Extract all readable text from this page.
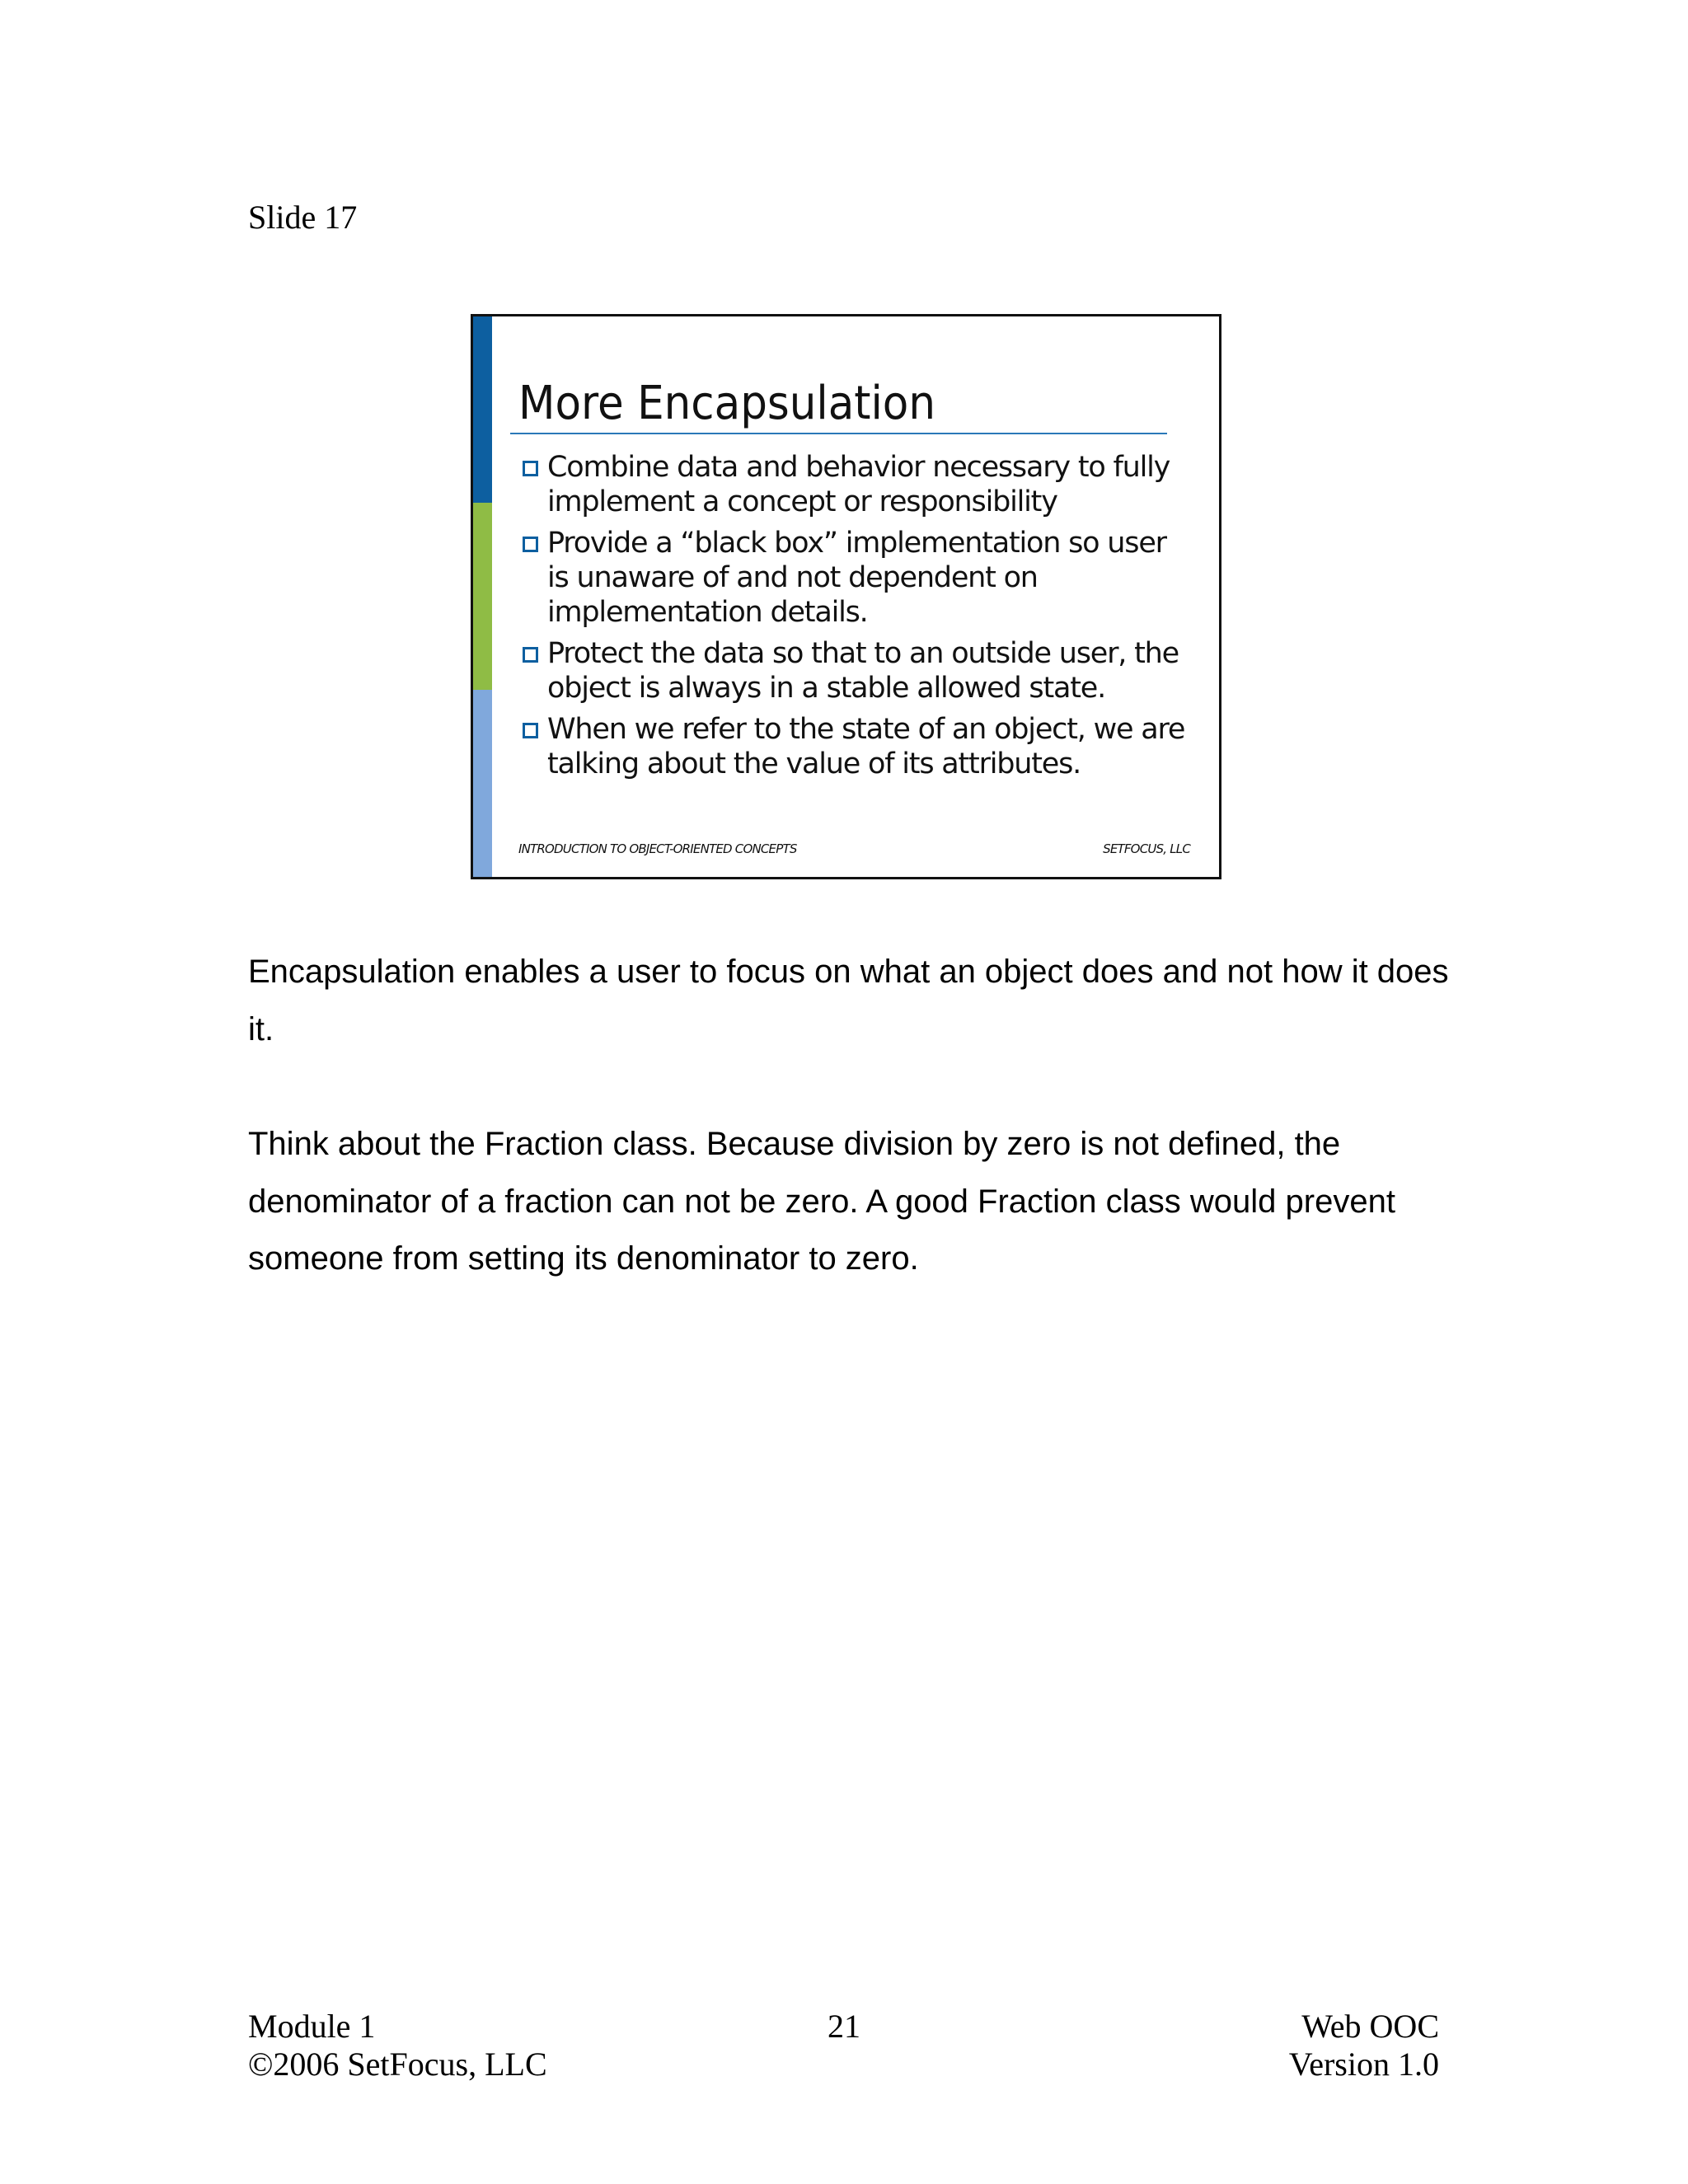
Slide 17
More Encapsulation
Combine data and behavior necessary to fully implement a concept or responsibility
Provide a “black box” implementation so user is unaware of and not dependent on implementation details.
Protect the data so that to an outside user, the object is always in a stable allowed state.
When we refer to the state of an object, we are talking about the value of its attributes.
INTRODUCTION TO OBJECT-ORIENTED CONCEPTS	SETFOCUS, LLC

Encapsulation enables a user to focus on what an object does and not how it does it.

Think about the Fraction class. Because division by zero is not defined, the denominator of a fraction can not be zero. A good Fraction class would prevent someone from setting its denominator to zero.

Module 1
©2006 SetFocus, LLC
21	Web OOC
Version 1.0
